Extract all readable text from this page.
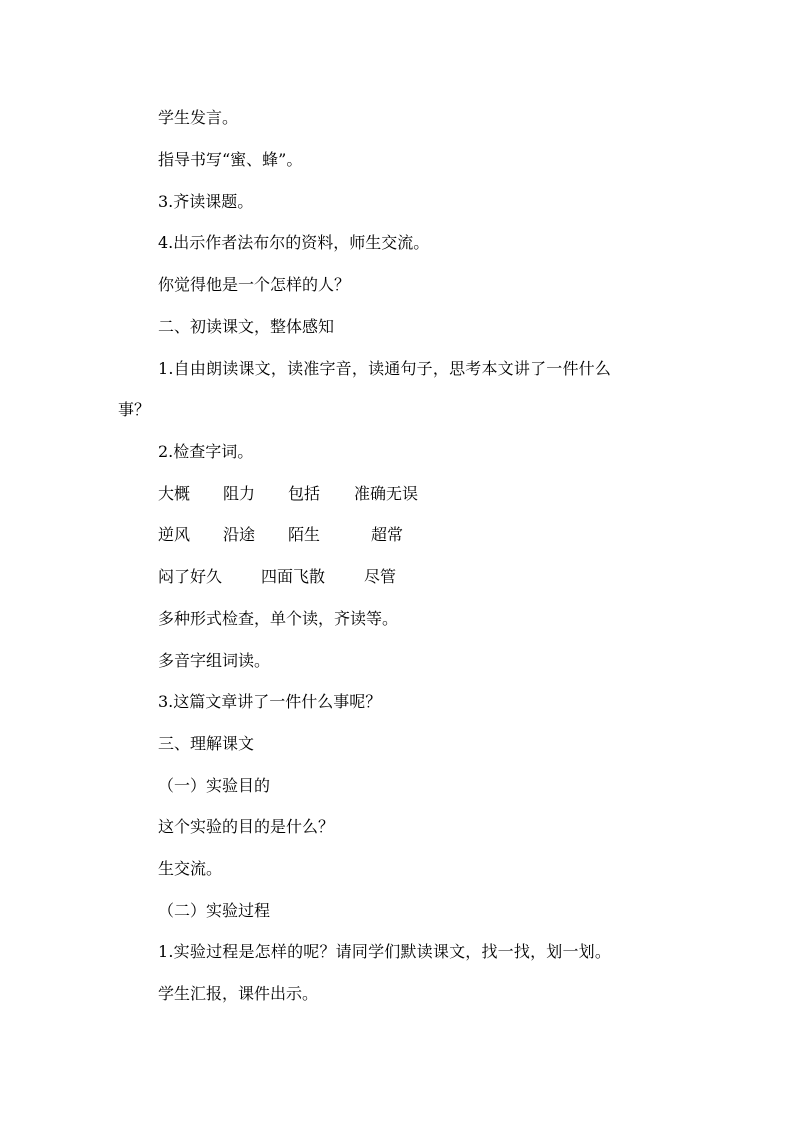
学生发言。
指导书写“蜜、蜂”。
3.齐读课题。
4.出示作者法布尔的资料，师生交流。
你觉得他是一个怎样的人？
二、初读课文，整体感知
1.自由朗读课文，读准字音，读通句子，思考本文讲了一件什么
事？
2.检查字词。
大概 阻力 包括 准确无误
逆风 沿途 陌生	超常
闷了好久 四面飞散 尽管
多种形式检查，单个读，齐读等。
多音字组词读。
3.这篇文章讲了一件什么事呢？
三、理解课文
（一）实验目的
这个实验的目的是什么？
生交流。
（二）实验过程
1.实验过程是怎样的呢？请同学们默读课文，找一找，划一划。
学生汇报，课件出示。
